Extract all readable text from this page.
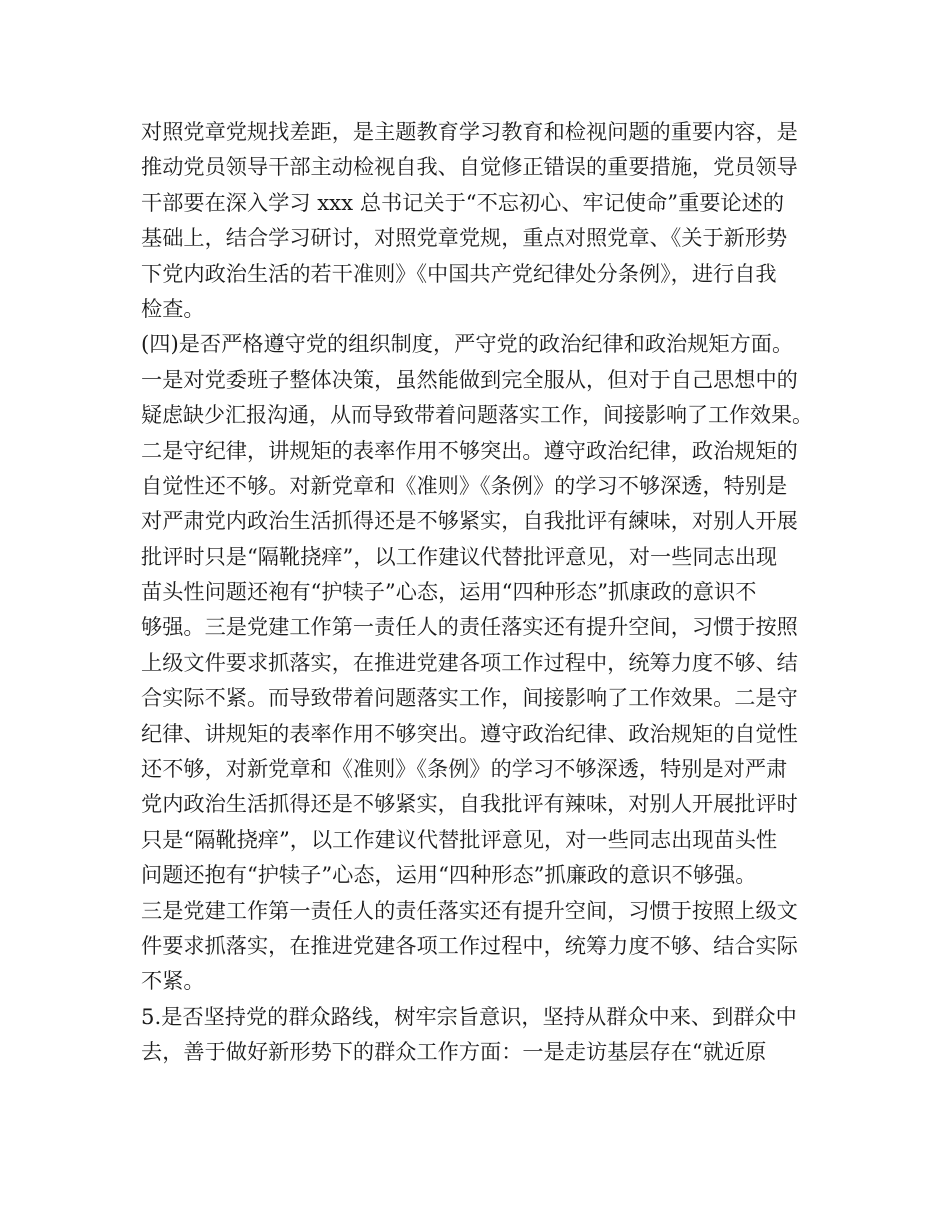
对照党章党规找差距，是主题教育学习教育和检视问题的重要内容，是
推动党员领导干部主动检视自我、自觉修正错误的重要措施，党员领导
干部要在深入学习 xxx 总书记关于“不忘初心、牢记使命”重要论述的
基础上，结合学习研讨，对照党章党规，重点对照党章、《关于新形势
下党内政治生活的若干准则》《中国共产党纪律处分条例》，进行自我
检查。
(四)是否严格遵守党的组织制度，严守党的政治纪律和政治规矩方面。
一是对党委班子整体决策，虽然能做到完全服从，但对于自己思想中的
疑虑缺少汇报沟通，从而导致带着问题落实工作，间接影响了工作效果。
二是守纪律，讲规矩的表率作用不够突出。遵守政治纪律，政治规矩的
自觉性还不够。对新党章和《准则》《条例》的学习不够深透，特别是
对严肃党内政治生活抓得还是不够紧实，自我批评有練味，对别人开展
批评时只是“隔靴挠痒”，以工作建议代替批评意见，对一些同志出现
苗头性问题还袍有“护犊子”心态，运用“四种形态”抓康政的意识不
够强。三是党建工作第一责任人的责任落实还有提升空间，习惯于按照
上级文件要求抓落实，在推进党建各项工作过程中，统筹力度不够、结
合实际不紧。而导致带着问题落实工作，间接影响了工作效果。二是守
纪律、讲规矩的表率作用不够突出。遵守政治纪律、政治规矩的自觉性
还不够，对新党章和《准则》《条例》的学习不够深透，特别是对严肃
党内政治生活抓得还是不够紧实，自我批评有辣味，对别人开展批评时
只是“隔靴挠痒”，以工作建议代替批评意见，对一些同志出现苗头性
问题还抱有“护犊子”心态，运用“四种形态”抓廉政的意识不够强。
三是党建工作第一责任人的责任落实还有提升空间，习惯于按照上级文
件要求抓落实，在推进党建各项工作过程中，统筹力度不够、结合实际
不紧。
5.是否坚持党的群众路线，树牢宗旨意识，坚持从群众中来、到群众中
去，善于做好新形势下的群众工作方面：一是走访基层存在“就近原
